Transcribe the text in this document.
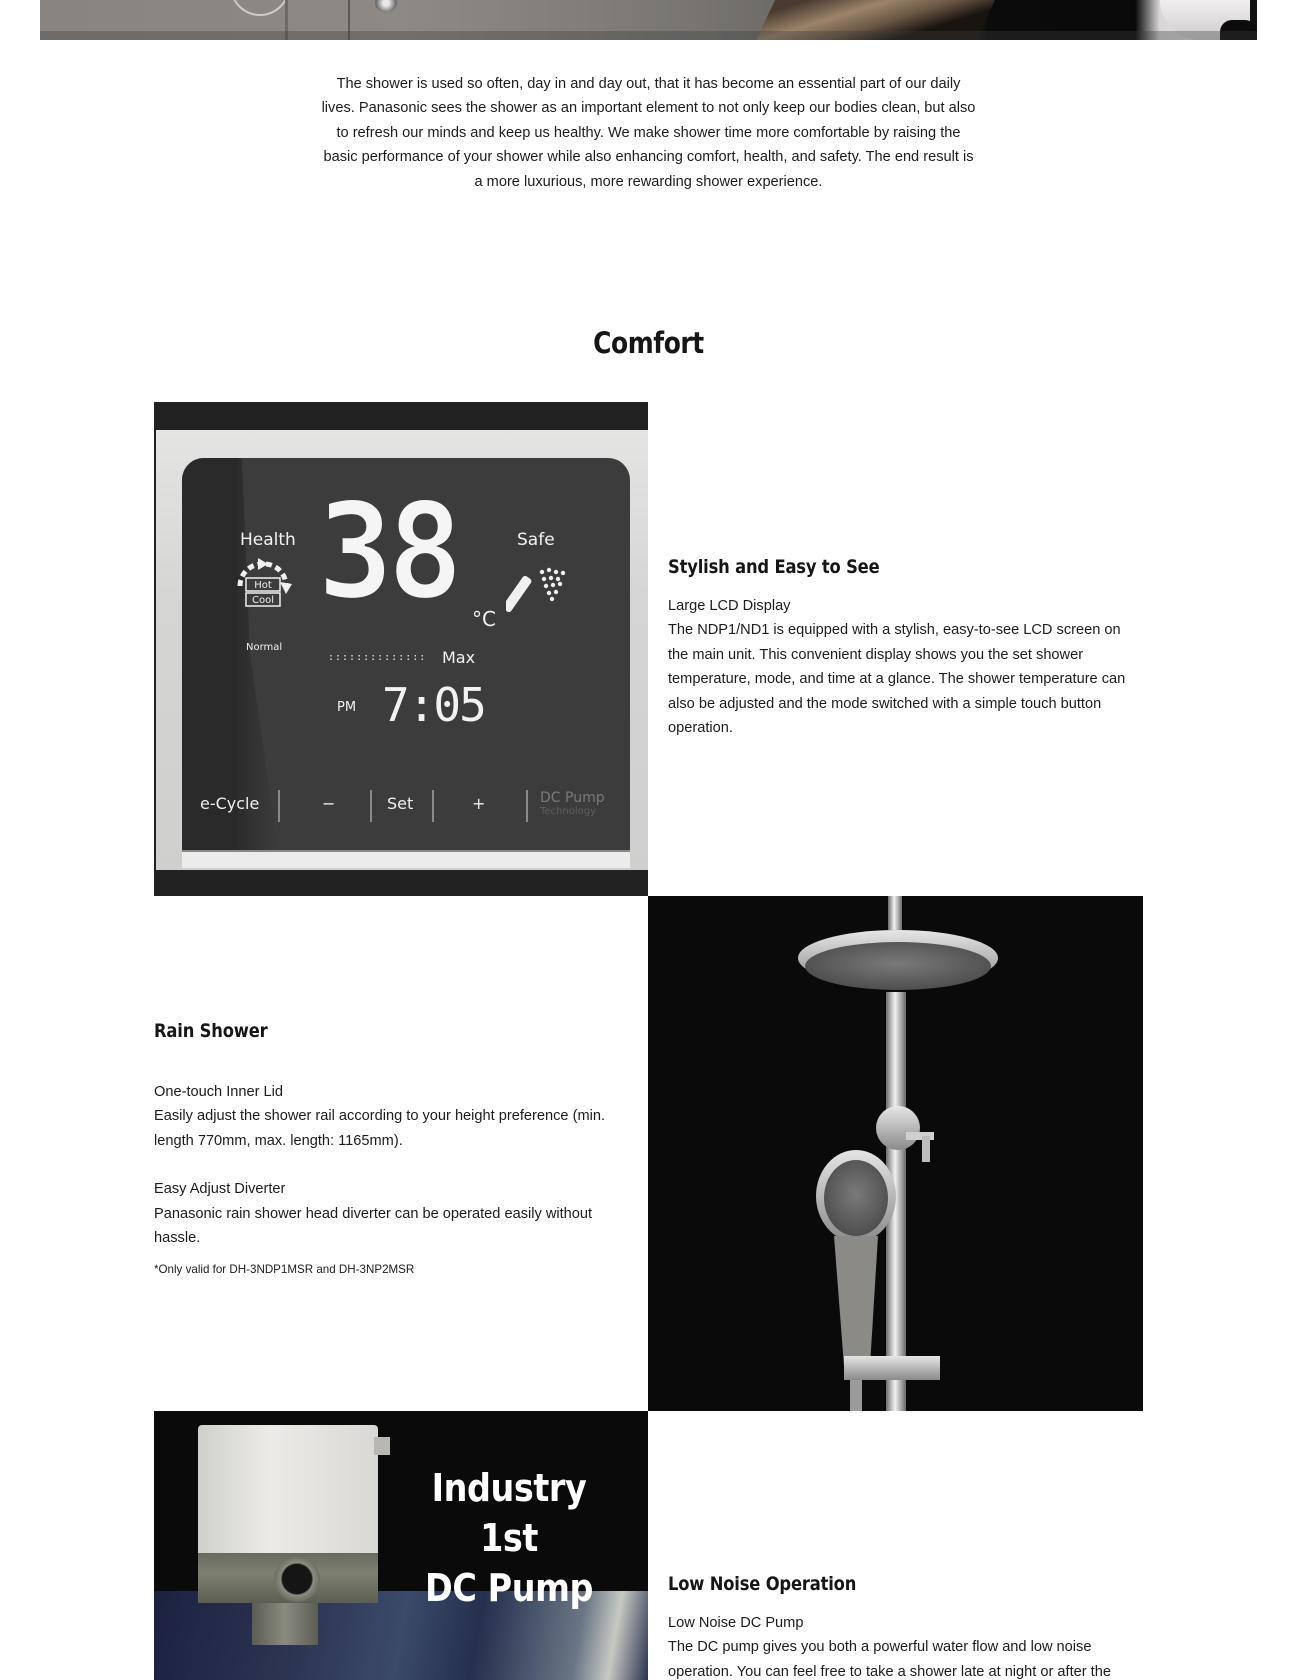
The shower is used so often, day in and day out, that it has become an essential part of our daily lives. Panasonic sees the shower as an important element to not only keep our bodies clean, but also to refresh our minds and keep us healthy. We make shower time more comfortable by raising the basic performance of your shower while also enhancing comfort, health, and safety. The end result is a more luxurious, more rewarding shower experience.

Comfort
Health
Hot
Cool
Normal
38 °C
Safe
:::::::::::::: Max
PM 7:05
e-Cycle	−	Set	+	DC Pump
Technology
Stylish and Easy to See

Large LCD Display

The NDP1/ND1 is equipped with a stylish, easy-to-see LCD screen on the main unit. This convenient display shows you the set shower temperature, mode, and time at a glance. The shower temperature can also be adjusted and the mode switched with a simple touch button operation.

Rain Shower

One-touch Inner Lid

Easily adjust the shower rail according to your height preference (min. length 770mm, max. length: 1165mm).

Easy Adjust Diverter

Panasonic rain shower head diverter can be operated easily without hassle.

*Only valid for DH-3NDP1MSR and DH-3NP2MSR

Industry 1st
DC Pump	Low Noise Operation

Low Noise DC Pump

The DC pump gives you both a powerful water flow and low noise operation. You can feel free to take a shower late at night or after the
